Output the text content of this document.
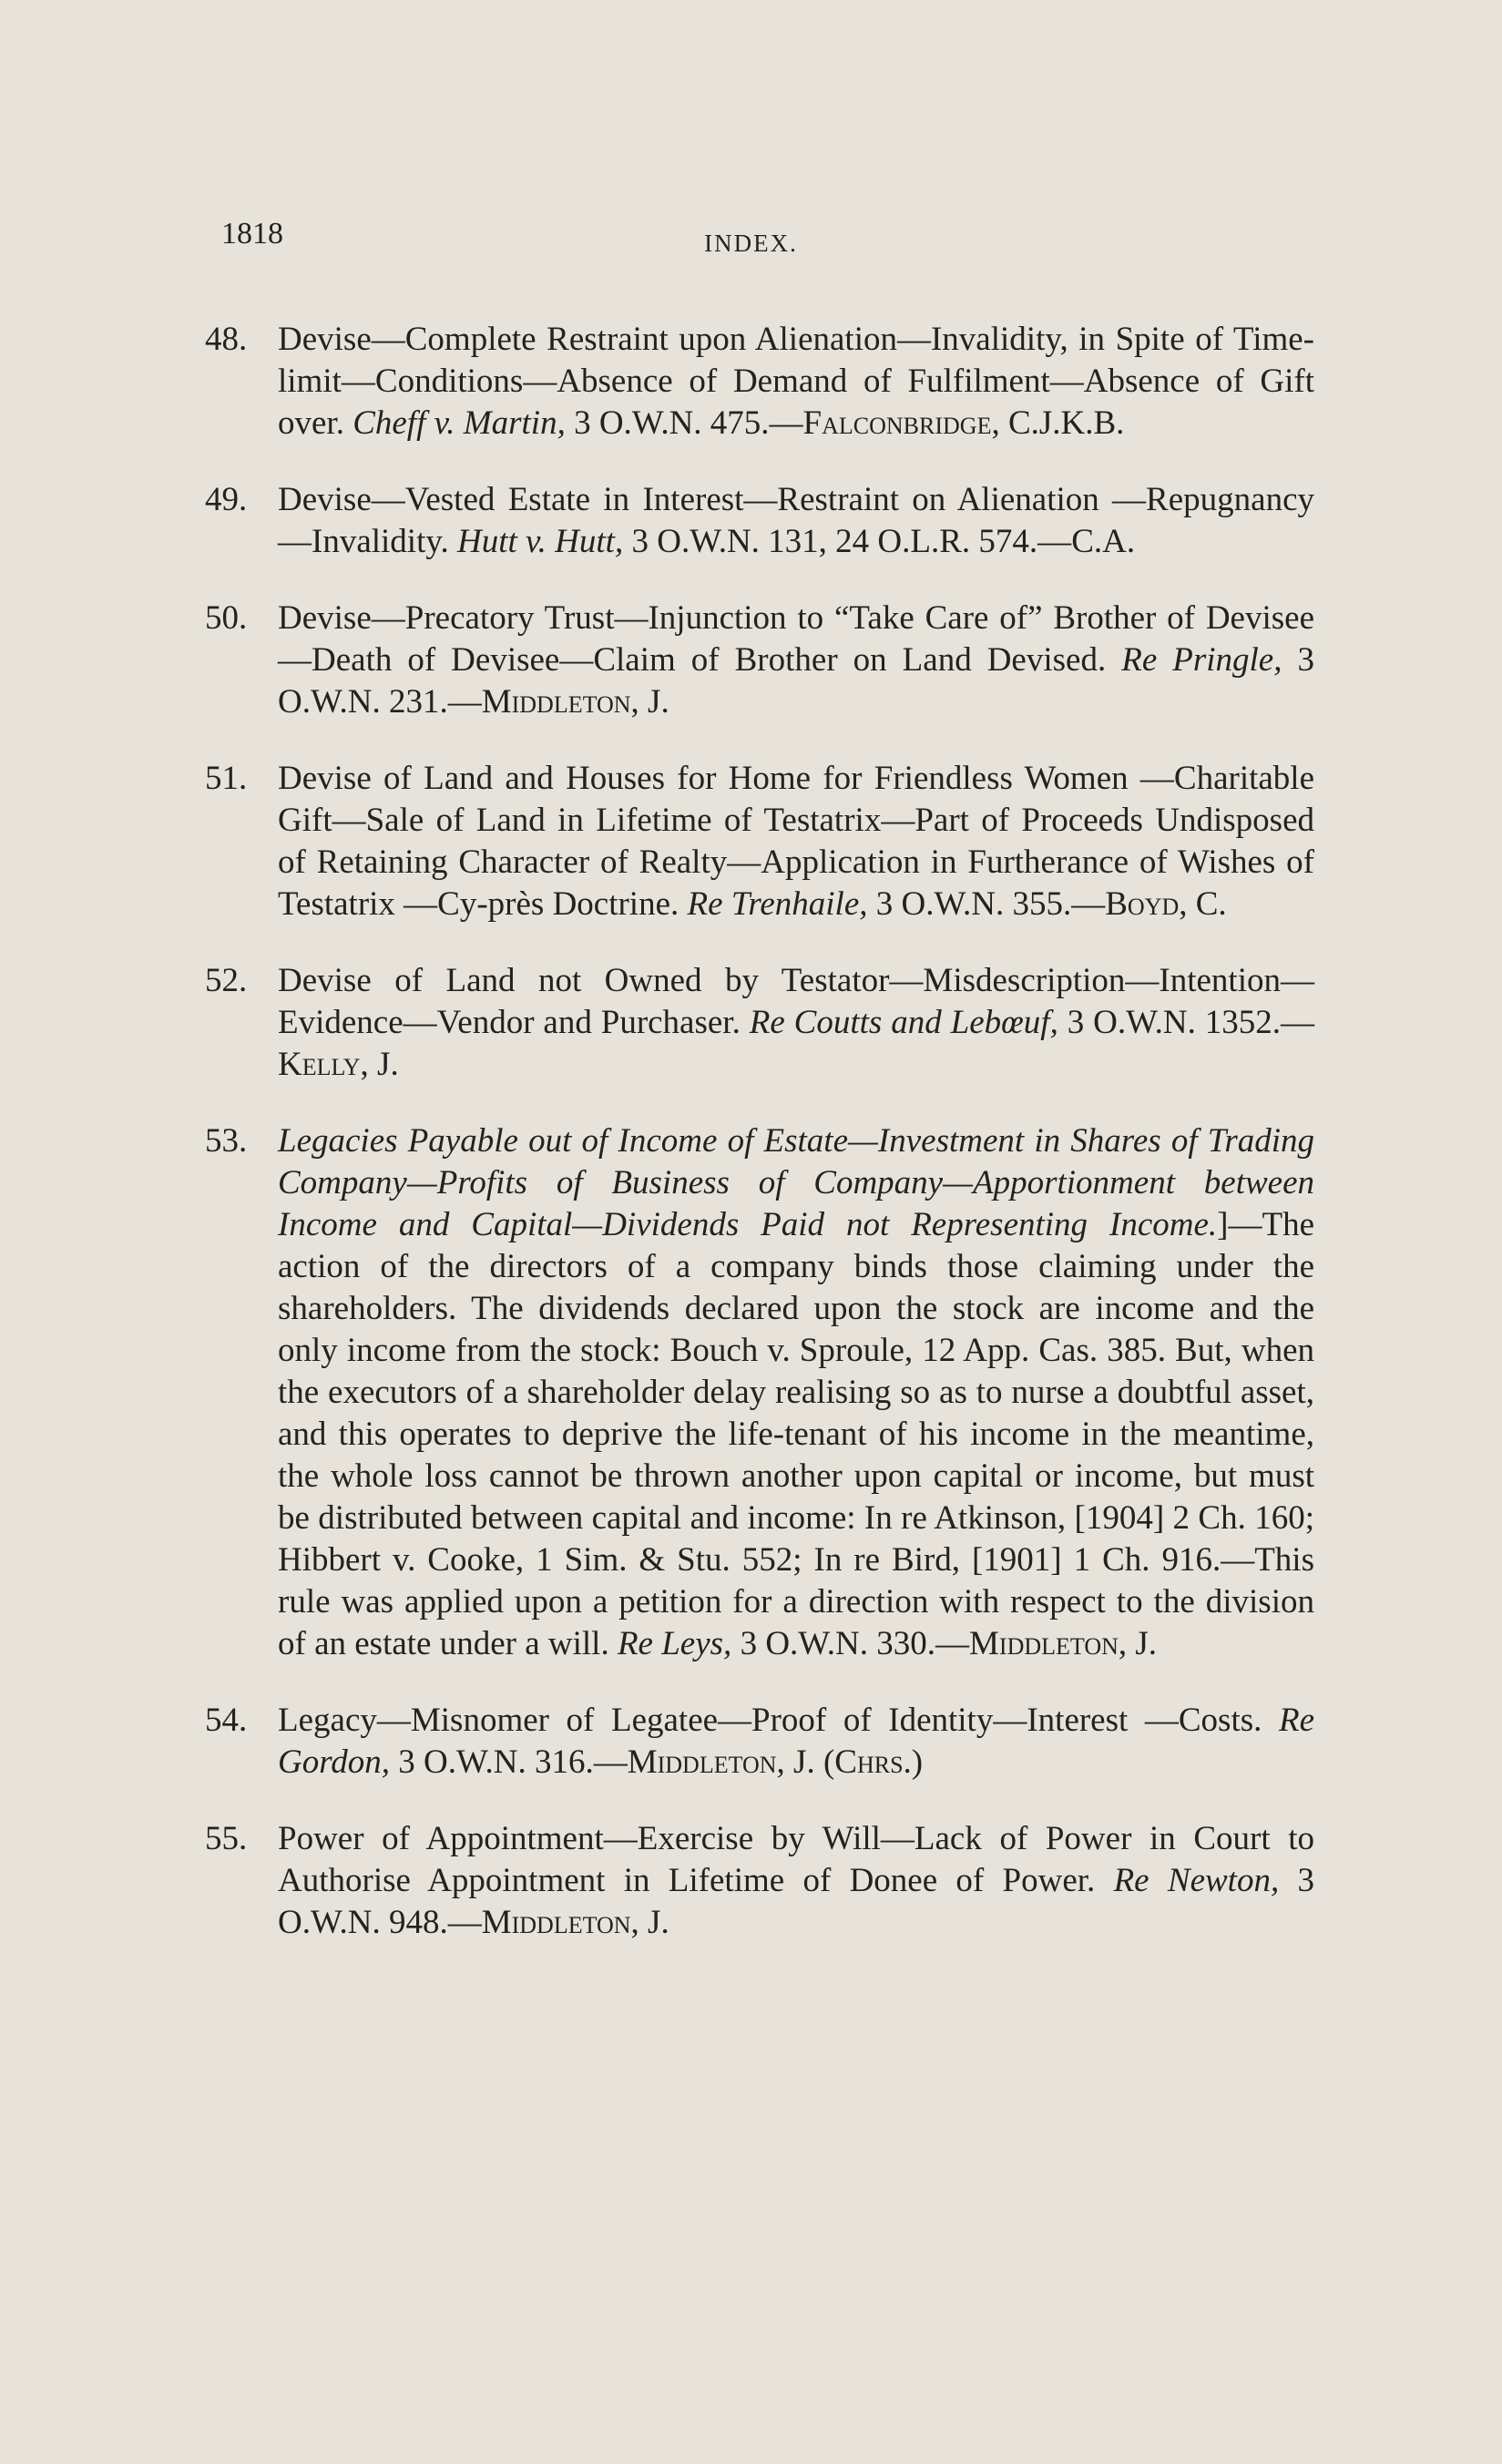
1818	INDEX.
48. Devise—Complete Restraint upon Alienation—Invalidity, in Spite of Time-limit—Conditions—Absence of Demand of Fulfilment—Absence of Gift over. Cheff v. Martin, 3 O.W.N. 475.—Falconbridge, C.J.K.B.
49. Devise—Vested Estate in Interest—Restraint on Alienation —Repugnancy—Invalidity. Hutt v. Hutt, 3 O.W.N. 131, 24 O.L.R. 574.—C.A.
50. Devise—Precatory Trust—Injunction to “Take Care of” Brother of Devisee—Death of Devisee—Claim of Brother on Land Devised. Re Pringle, 3 O.W.N. 231.—Middleton, J.
51. Devise of Land and Houses for Home for Friendless Women —Charitable Gift—Sale of Land in Lifetime of Testatrix—Part of Proceeds Undisposed of Retaining Character of Realty—Application in Furtherance of Wishes of Testatrix —Cy-près Doctrine. Re Trenhaile, 3 O.W.N. 355.—Boyd, C.
52. Devise of Land not Owned by Testator—Misdescription—Intention—Evidence—Vendor and Purchaser. Re Coutts and Lebœuf, 3 O.W.N. 1352.—Kelly, J.
53. Legacies Payable out of Income of Estate—Investment in Shares of Trading Company—Profits of Business of Company—Apportionment between Income and Capital—Dividends Paid not Representing Income.]—The action of the directors of a company binds those claiming under the shareholders. The dividends declared upon the stock are income and the only income from the stock: Bouch v. Sproule, 12 App. Cas. 385. But, when the executors of a shareholder delay realising so as to nurse a doubtful asset, and this operates to deprive the life-tenant of his income in the meantime, the whole loss cannot be thrown another upon capital or income, but must be distributed between capital and income: In re Atkinson, [1904] 2 Ch. 160; Hibbert v. Cooke, 1 Sim. & Stu. 552; In re Bird, [1901] 1 Ch. 916.—This rule was applied upon a petition for a direction with respect to the division of an estate under a will. Re Leys, 3 O.W.N. 330.—Middleton, J.
54. Legacy—Misnomer of Legatee—Proof of Identity—Interest —Costs. Re Gordon, 3 O.W.N. 316.—Middleton, J. (Chrs.)
55. Power of Appointment—Exercise by Will—Lack of Power in Court to Authorise Appointment in Lifetime of Donee of Power. Re Newton, 3 O.W.N. 948.—Middleton, J.
